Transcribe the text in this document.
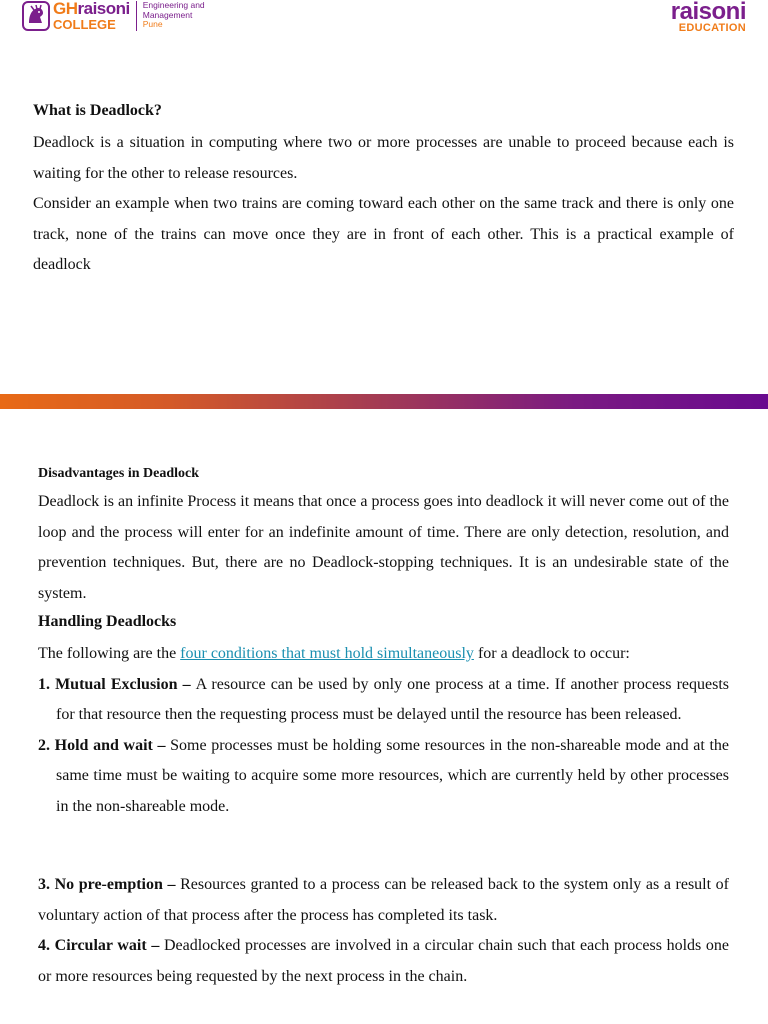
GHraisoni
COLLEGE
Engineering and
Management
Pune	raisoni
EDUCATION
What is Deadlock?

Deadlock is a situation in computing where two or more processes are unable to proceed because each is waiting for the other to release resources.

Consider an example when two trains are coming toward each other on the same track and there is only one track, none of the trains can move once they are in front of each other. This is a practical example of deadlock

Disadvantages in Deadlock

Deadlock is an infinite Process it means that once a process goes into deadlock it will never come out of the loop and the process will enter for an indefinite amount of time. There are only detection, resolution, and prevention techniques. But, there are no Deadlock-stopping techniques. It is an undesirable state of the system.

Handling Deadlocks

The following are the four conditions that must hold simultaneously for a deadlock to occur:

1. Mutual Exclusion – A resource can be used by only one process at a time. If another process requests for that resource then the requesting process must be delayed until the resource has been released.

2. Hold and wait – Some processes must be holding some resources in the non-shareable mode and at the same time must be waiting to acquire some more resources, which are currently held by other processes in the non-shareable mode.

3. No pre-emption – Resources granted to a process can be released back to the system only as a result of voluntary action of that process after the process has completed its task.

4. Circular wait – Deadlocked processes are involved in a circular chain such that each process holds one or more resources being requested by the next process in the chain.
